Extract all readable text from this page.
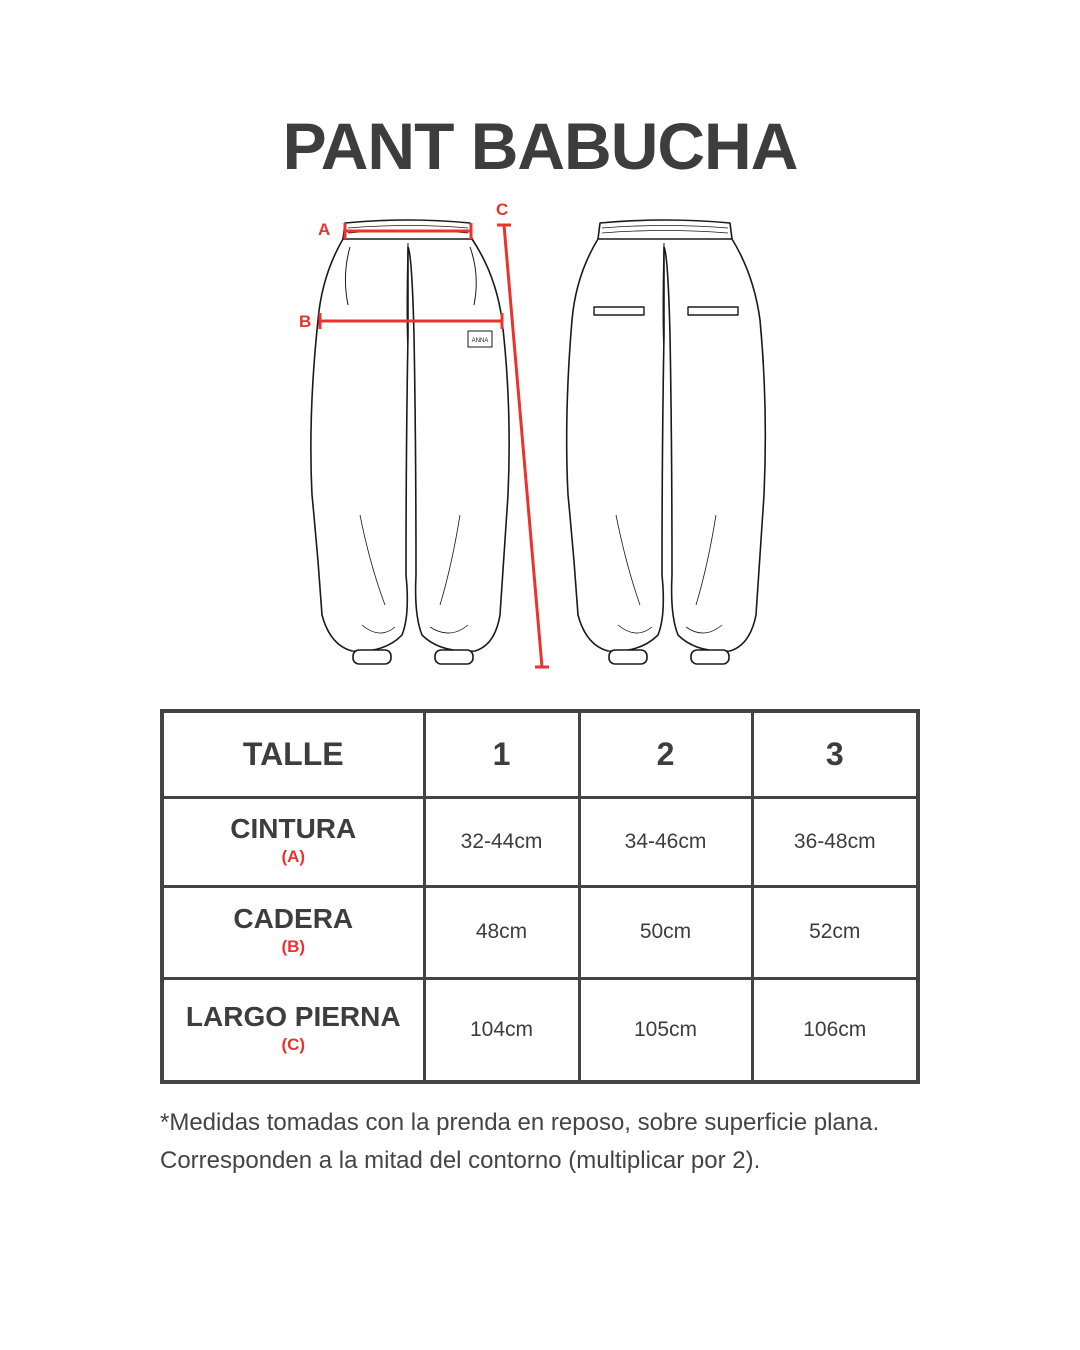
PANT BABUCHA
ANNA
A
B
C
TALLE	1	2	3
CINTURA
(A)	32-44cm	34-46cm	36-48cm
CADERA
(B)	48cm	50cm	52cm
LARGO PIERNA
(C)	104cm	105cm	106cm

*Medidas tomadas con la prenda en reposo, sobre superficie plana.
Corresponden a la mitad del contorno (multiplicar por 2).
